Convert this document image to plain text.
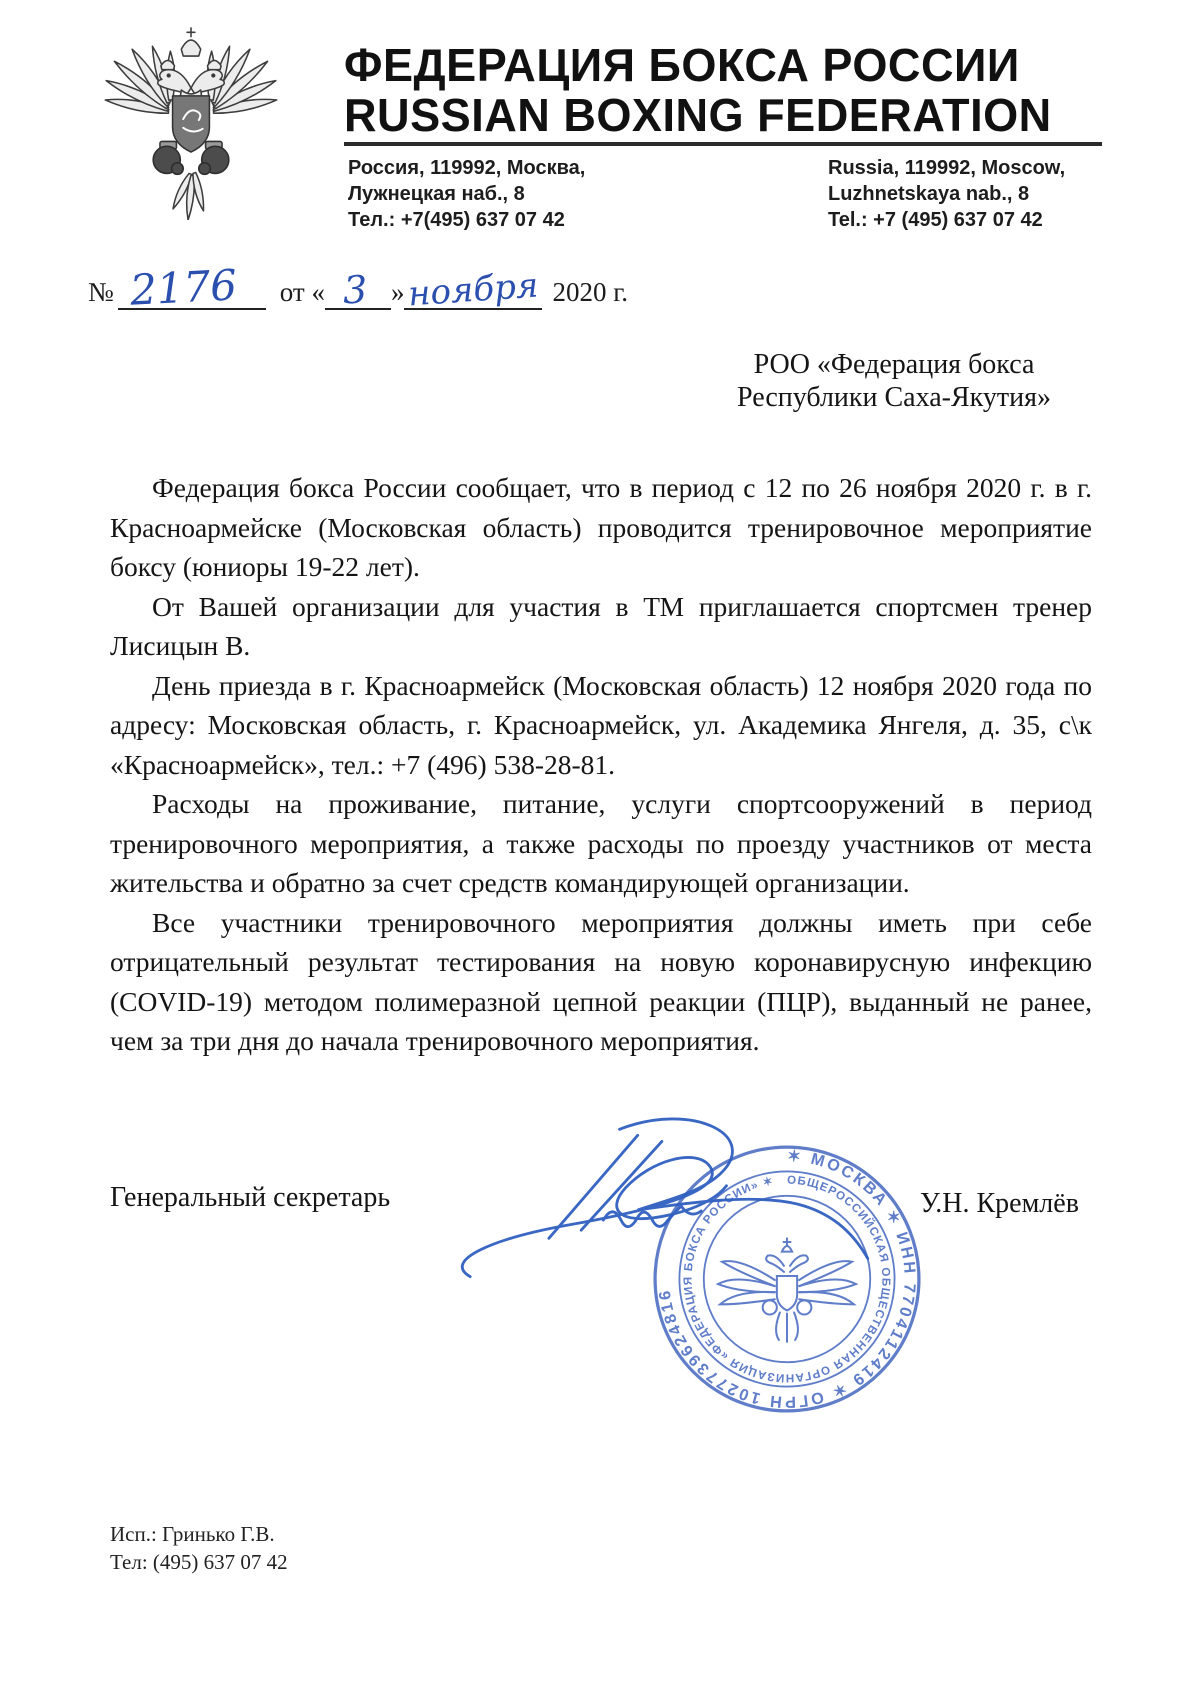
ФЕДЕРАЦИЯ БОКСА РОССИИ
RUSSIAN BOXING FEDERATION
Россия, 119992, Москва,
Лужнецкая наб., 8
Тел.: +7(495) 637 07 42
Russia, 119992, Moscow,
Luzhnetskaya nab., 8
Tel.: +7 (495) 637 07 42
№ 2176	от « 3 » ноября 2020 г.
РОО «Федерация бокса
Республики Саха-Якутия»

Федерация бокса России сообщает, что в период с 12 по 26 ноября 2020 г. в г. Красноармейске (Московская область) проводится тренировочное мероприятие боксу (юниоры 19-22 лет).

От Вашей организации для участия в ТМ приглашается спортсмен тренер Лисицын В.

День приезда в г. Красноармейск (Московская область) 12 ноября 2020 года по адресу: Московская область, г. Красноармейск, ул. Академика Янгеля, д. 35, с\к «Красноармейск», тел.: +7 (496) 538-28-81.

Расходы на проживание, питание, услуги спортсооружений в период тренировочного мероприятия, а также расходы по проезду участников от места жительства и обратно за счет средств командирующей организации.

Все участники тренировочного мероприятия должны иметь при себе отрицательный результат тестирования на новую коронавирусную инфекцию (COVID-19) методом полимеразной цепной реакции (ПЦР), выданный не ранее, чем за три дня до начала тренировочного мероприятия.

Генеральный секретарь	У.Н. Кремлёв
✶ МОСКВА ✶ ИНН 7704112419 ✶ ОГРН 1027739624816
ОБЩЕРОССИЙСКАЯ ОБЩЕСТВЕННАЯ ОРГАНИЗАЦИЯ «ФЕДЕРАЦИЯ БОКСА РОССИИ» ✶
Исп.: Гринько Г.В.
Тел: (495) 637 07 42
